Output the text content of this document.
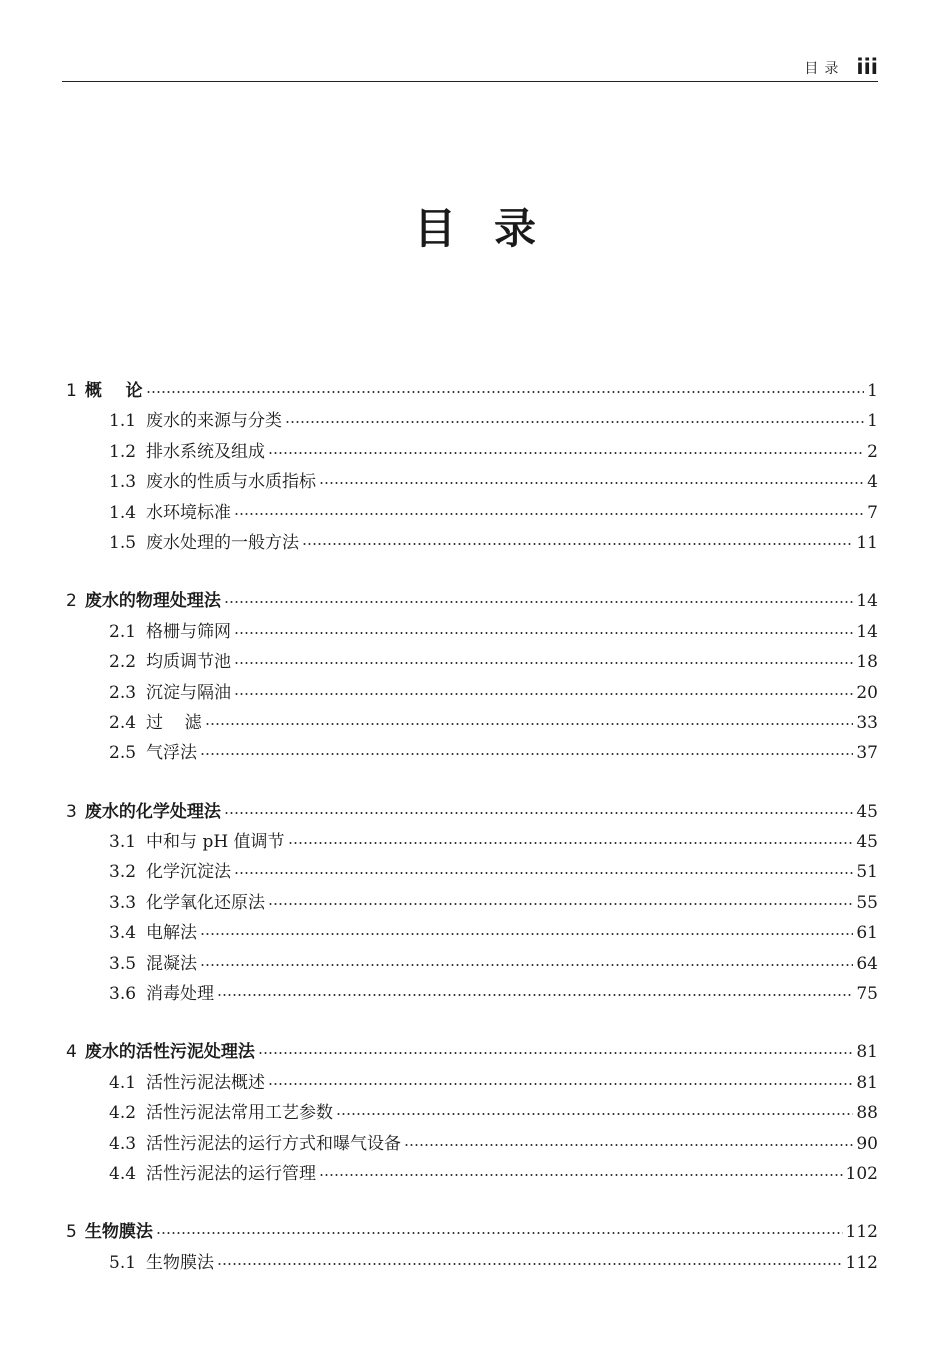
目录 iii
目录
1 概    论	1
1.1 废水的来源与分类	1
1.2 排水系统及组成	2
1.3 废水的性质与水质指标	4
1.4 水环境标准	7
1.5 废水处理的一般方法	11
2 废水的物理处理法	14
2.1 格栅与筛网	14
2.2 均质调节池	18
2.3 沉淀与隔油	20
2.4 过    滤	33
2.5 气浮法	37
3 废水的化学处理法	45
3.1 中和与 pH 值调节	45
3.2 化学沉淀法	51
3.3 化学氧化还原法	55
3.4 电解法	61
3.5 混凝法	64
3.6 消毒处理	75
4 废水的活性污泥处理法	81
4.1 活性污泥法概述	81
4.2 活性污泥法常用工艺参数	88
4.3 活性污泥法的运行方式和曝气设备	90
4.4 活性污泥法的运行管理	102
5 生物膜法	112
5.1 生物膜法	112
